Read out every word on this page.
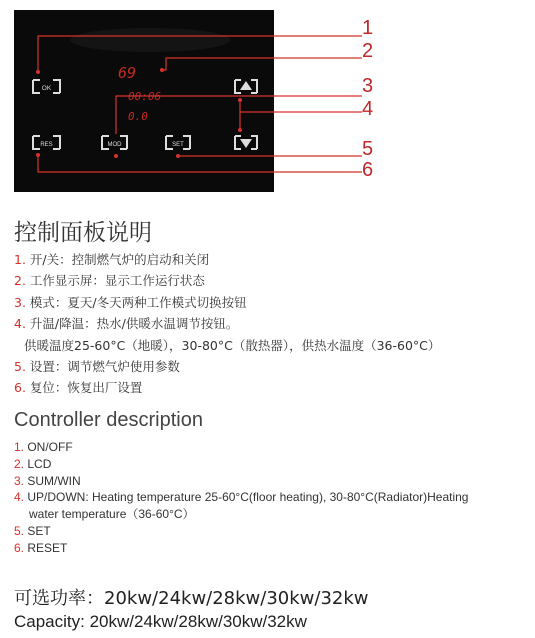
OK
RES	MOD	SET
69
00:06
0.0
1
2
3
4
5
6
控制面板说明
1. 开/关：控制燃气炉的启动和关闭
2. 工作显示屏：显示工作运行状态
3. 模式：夏天/冬天两种工作模式切换按钮
4. 升温/降温：热水/供暖水温调节按钮。
供暖温度25-60°C（地暖），30-80°C（散热器），供热水温度（36-60°C）
5. 设置：调节燃气炉使用参数
6. 复位：恢复出厂设置
Controller description
1. ON/OFF
2. LCD
3. SUM/WIN
4. UP/DOWN: Heating temperature 25-60°C(floor heating), 30-80°C(Radiator)Heating
water temperature（36-60°C）
5. SET
6. RESET
可选功率：20kw/24kw/28kw/30kw/32kw
Capacity: 20kw/24kw/28kw/30kw/32kw
